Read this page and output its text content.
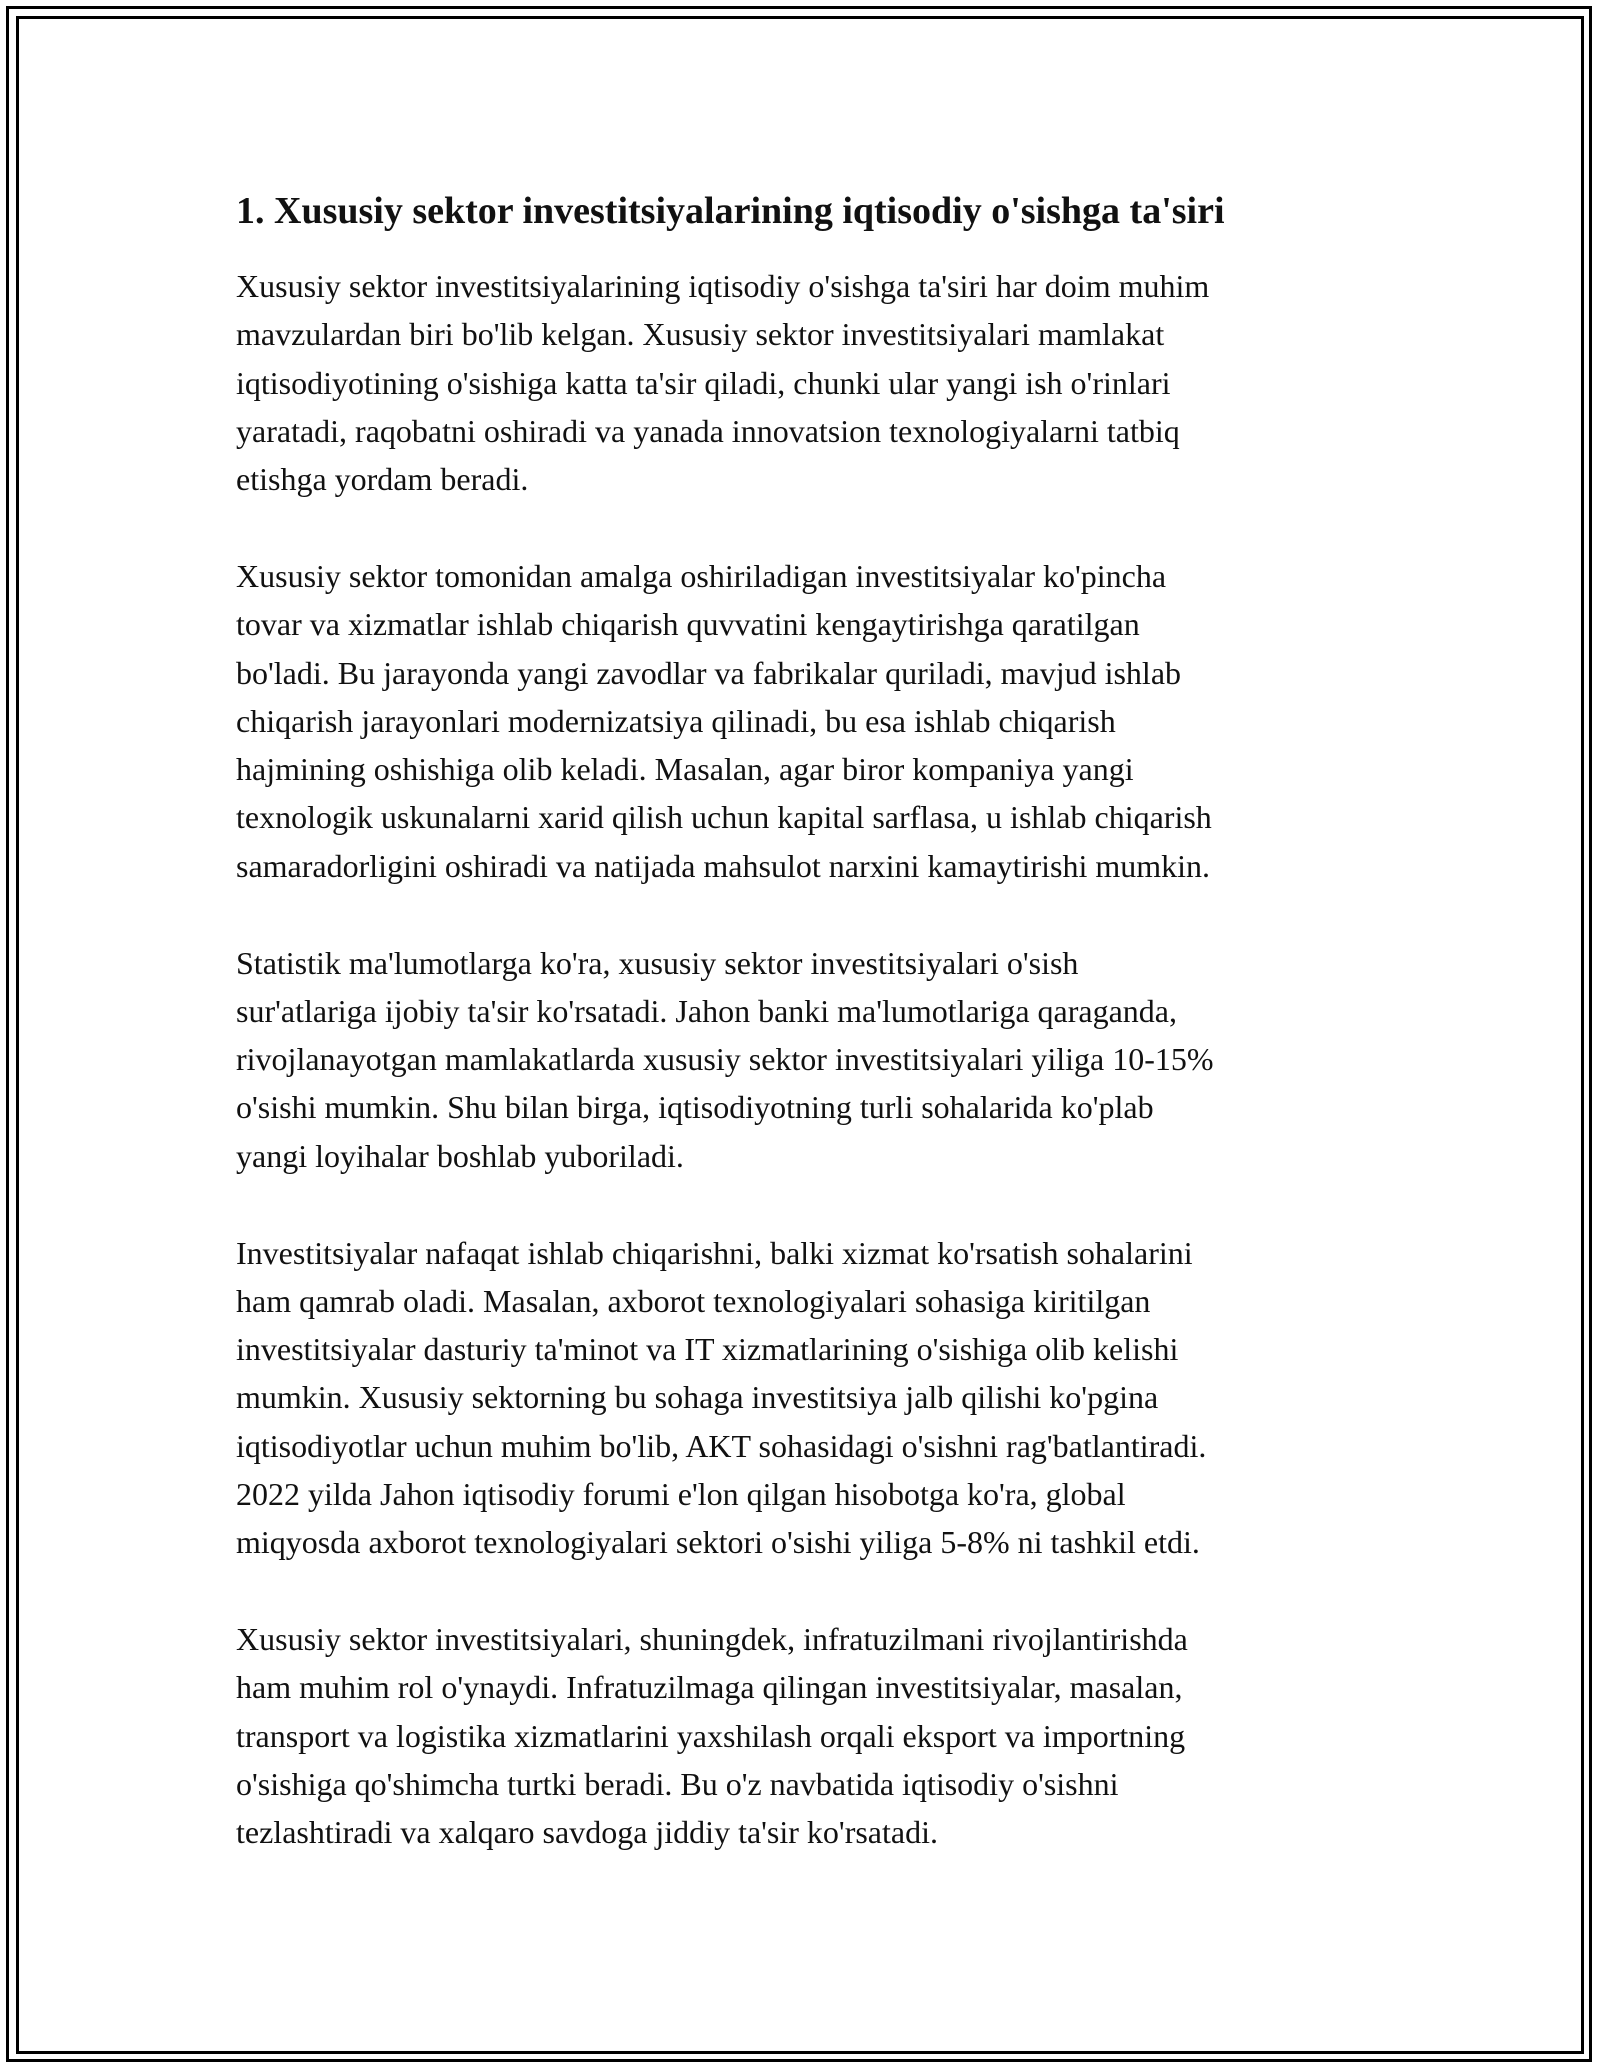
1. Xususiy sektor investitsiyalarining iqtisodiy o'sishga ta'siri

Xususiy sektor investitsiyalarining iqtisodiy o'sishga ta'siri har doim muhim
mavzulardan biri bo'lib kelgan. Xususiy sektor investitsiyalari mamlakat
iqtisodiyotining o'sishiga katta ta'sir qiladi, chunki ular yangi ish o'rinlari
yaratadi, raqobatni oshiradi va yanada innovatsion texnologiyalarni tatbiq
etishga yordam beradi.

Xususiy sektor tomonidan amalga oshiriladigan investitsiyalar ko'pincha
tovar va xizmatlar ishlab chiqarish quvvatini kengaytirishga qaratilgan
bo'ladi. Bu jarayonda yangi zavodlar va fabrikalar quriladi, mavjud ishlab
chiqarish jarayonlari modernizatsiya qilinadi, bu esa ishlab chiqarish
hajmining oshishiga olib keladi. Masalan, agar biror kompaniya yangi
texnologik uskunalarni xarid qilish uchun kapital sarflasa, u ishlab chiqarish
samaradorligini oshiradi va natijada mahsulot narxini kamaytirishi mumkin.

Statistik ma'lumotlarga ko'ra, xususiy sektor investitsiyalari o'sish
sur'atlariga ijobiy ta'sir ko'rsatadi. Jahon banki ma'lumotlariga qaraganda,
rivojlanayotgan mamlakatlarda xususiy sektor investitsiyalari yiliga 10-15%
o'sishi mumkin. Shu bilan birga, iqtisodiyotning turli sohalarida ko'plab
yangi loyihalar boshlab yuboriladi.

Investitsiyalar nafaqat ishlab chiqarishni, balki xizmat ko'rsatish sohalarini
ham qamrab oladi. Masalan, axborot texnologiyalari sohasiga kiritilgan
investitsiyalar dasturiy ta'minot va IT xizmatlarining o'sishiga olib kelishi
mumkin. Xususiy sektorning bu sohaga investitsiya jalb qilishi ko'pgina
iqtisodiyotlar uchun muhim bo'lib, AKT sohasidagi o'sishni rag'batlantiradi.
2022 yilda Jahon iqtisodiy forumi e'lon qilgan hisobotga ko'ra, global
miqyosda axborot texnologiyalari sektori o'sishi yiliga 5-8% ni tashkil etdi.

Xususiy sektor investitsiyalari, shuningdek, infratuzilmani rivojlantirishda
ham muhim rol o'ynaydi. Infratuzilmaga qilingan investitsiyalar, masalan,
transport va logistika xizmatlarini yaxshilash orqali eksport va importning
o'sishiga qo'shimcha turtki beradi. Bu o'z navbatida iqtisodiy o'sishni
tezlashtiradi va xalqaro savdoga jiddiy ta'sir ko'rsatadi.
